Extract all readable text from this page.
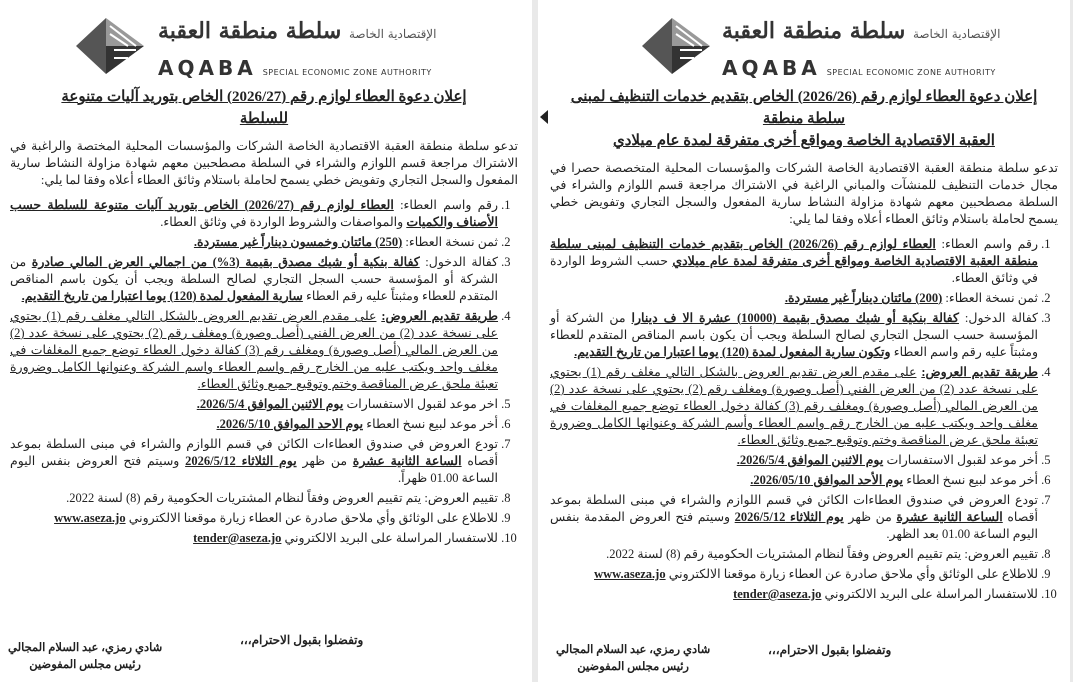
الإقتصادية الخاصة سلطة منطقة العقبة
AQABA SPECIAL ECONOMIC ZONE AUTHORITY
إعلان دعوة العطاء لوازم رقم (2026/27) الخاص بتوريد آليات متنوعة
للسلطة

تدعو سلطة منطقة العقبة الاقتصادية الخاصة الشركات والمؤسسات المحلية المختصة والراغبة في الاشتراك مراجعة قسم اللوازم والشراء في السلطة مصطحبين معهم شهادة مزاولة النشاط سارية المفعول والسجل التجاري وتفويض خطي يسمح لحاملة باستلام وثائق العطاء أعلاه وفقا لما يلي:

1. رقم واسم العطاء: العطاء لوازم رقم (2026/27) الخاص بتوريد آليات متنوعة للسلطة حسب الأصناف والكميات والمواصفات والشروط الواردة في وثائق العطاء.
2. ثمن نسخة العطاء: (250) مائتان وخمسون ديناراً غير مستردة.
3. كفالة الدخول: كفالة بنكية أو شيك مصدق بقيمة (3%) من اجمالي العرض المالي صادرة من الشركة أو المؤسسة حسب السجل التجاري لصالح السلطة ويجب أن يكون باسم المناقص المتقدم للعطاء ومثبتاً عليه رقم العطاء سارية المفعول لمدة (120) يوما اعتبارا من تاريخ التقديم.
4. طريقة تقديم العروض: على مقدم العرض تقديم العروض بالشكل التالي مغلف رقم (1) يحتوي على نسخة عدد (2) من العرض الفني (أصل وصورة) ومغلف رقم (2) يحتوي على نسخة عدد (2) من العرض المالي (أصل وصورة) ومغلف رقم (3) كفالة دخول العطاء توضع جميع المغلفات في مغلف واحد ويكتب عليه من الخارج رقم واسم العطاء واسم الشركة وعنوانها الكامل وضرورة تعبئة ملحق عرض المناقصة وختم وتوقيع جميع وثائق العطاء.
5. اخر موعد لقبول الاستفسارات يوم الاثنين الموافق 2026/5/4.
6. أخر موعد لبيع نسخ العطاء يوم الاحد الموافق 2026/5/10.
7. تودع العروض في صندوق العطاءات الكائن في قسم اللوازم والشراء في مبنى السلطة بموعد أقصاه الساعة الثانية عشرة من ظهر يوم الثلاثاء 2026/5/12 وسيتم فتح العروض بنفس اليوم الساعة 01.00 ظهراً.
8. تقييم العروض: يتم تقييم العروض وفقاً لنظام المشتريات الحكومية رقم (8) لسنة 2022.
9. للاطلاع على الوثائق وأي ملاحق صادرة عن العطاء زيارة موقعنا الالكتروني www.aseza.jo
10. للاستفسار المراسلة على البريد الالكتروني tender@aseza.jo
وتفضلوا بقبول الاحترام،،،
شادي رمزي، عبد السلام المجالي
رئيس مجلس المفوضين
الإقتصادية الخاصة سلطة منطقة العقبة
AQABA SPECIAL ECONOMIC ZONE AUTHORITY
إعلان دعوة العطاء لوازم رقم (2026/26) الخاص بتقديم خدمات التنظيف لمبنى سلطة منطقة
العقبة الاقتصادية الخاصة ومواقع أخرى متفرقة لمدة عام ميلادي

تدعو سلطة منطقة العقبة الاقتصادية الخاصة الشركات والمؤسسات المحلية المتخصصة حصرا في مجال خدمات التنظيف للمنشآت والمباني الراغبة في الاشتراك مراجعة قسم اللوازم والشراء في السلطة مصطحبين معهم شهادة مزاولة النشاط سارية المفعول والسجل التجاري وتفويض خطي يسمح لحاملة باستلام وثائق العطاء أعلاه وفقا لما يلي:

1. رقم واسم العطاء: العطاء لوازم رقم (2026/26) الخاص بتقديم خدمات التنظيف لمبنى سلطة منطقة العقبة الاقتصادية الخاصة ومواقع أخرى متفرقة لمدة عام ميلادي حسب الشروط الواردة في وثائق العطاء.
2. ثمن نسخة العطاء: (200) مائتان ديناراً غير مستردة.
3. كفالة الدخول: كفالة بنكية أو شيك مصدق بقيمة (10000) عشرة الا ف دينارا من الشركة أو المؤسسة حسب السجل التجاري لصالح السلطة ويجب أن يكون باسم المناقص المتقدم للعطاء ومثبتاً عليه رقم واسم العطاء وتكون سارية المفعول لمدة (120) يوما اعتبارا من تاريخ التقديم.
4. طريقة تقديم العروض: على مقدم العرض تقديم العروض بالشكل التالي مغلف رقم (1) يحتوي على نسخة عدد (2) من العرض الفني (أصل وصورة) ومغلف رقم (2) يحتوي على نسخة عدد (2) من العرض المالي (أصل وصورة) ومغلف رقم (3) كفالة دخول العطاء توضع جميع المغلفات في مغلف واحد ويكتب عليه من الخارج رقم واسم العطاء وأسم الشركة وعنوانها الكامل وضرورة تعبئة ملحق عرض المناقصة وختم وتوقيع جميع وثائق العطاء.
5. أخر موعد لقبول الاستفسارات يوم الاثنين الموافق 2026/5/4.
6. أخر موعد لبيع نسخ العطاء يوم الأحد الموافق 2026/05/10.
7. تودع العروض في صندوق العطاءات الكائن في قسم اللوازم والشراء في مبنى السلطة بموعد أقصاه الساعة الثانية عشرة من ظهر يوم الثلاثاء 2026/5/12 وسيتم فتح العروض المقدمة بنفس اليوم الساعة 01.00 بعد الظهر.
8. تقييم العروض: يتم تقييم العروض وفقاً لنظام المشتريات الحكومية رقم (8) لسنة 2022.
9. للاطلاع على الوثائق وأي ملاحق صادرة عن العطاء زيارة موقعنا الالكتروني www.aseza.jo
10. للاستفسار المراسلة على البريد الالكتروني tender@aseza.jo
وتفضلوا بقبول الاحترام،،،
شادي رمزي، عبد السلام المجالي
رئيس مجلس المفوضين
